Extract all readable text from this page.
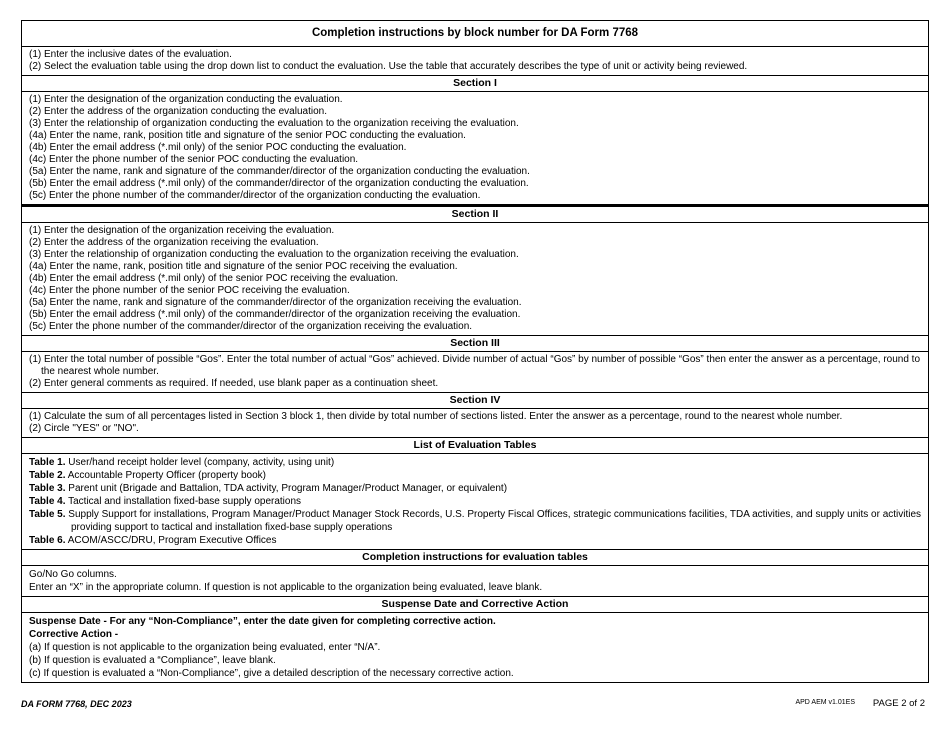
Completion instructions by block number for DA Form 7768
(1) Enter the inclusive dates of the evaluation.
(2) Select the evaluation table using the drop down list to conduct the evaluation. Use the table that accurately describes the type of unit or activity being reviewed.
Section I
(1) Enter the designation of the organization conducting the evaluation.
(2) Enter the address of the organization conducting the evaluation.
(3) Enter the relationship of organization conducting the evaluation to the organization receiving the evaluation.
(4a) Enter the name, rank, position title and signature of the senior POC conducting the evaluation.
(4b) Enter the email address (*.mil only) of the senior POC conducting the evaluation.
(4c) Enter the phone number of the senior POC conducting the evaluation.
(5a) Enter the name, rank and signature of the commander/director of the organization conducting the evaluation.
(5b) Enter the email address (*.mil only) of the commander/director of the organization conducting the evaluation.
(5c) Enter the phone number of the commander/director of the organization conducting the evaluation.
Section II
(1) Enter the designation of the organization receiving the evaluation.
(2) Enter the address of the organization receiving the evaluation.
(3) Enter the relationship of organization conducting the evaluation to the organization receiving the evaluation.
(4a) Enter the name, rank, position title and signature of the senior POC receiving the evaluation.
(4b) Enter the email address (*.mil only) of the senior POC receiving the evaluation.
(4c) Enter the phone number of the senior POC receiving the evaluation.
(5a) Enter the name, rank and signature of the commander/director of the organization receiving the evaluation.
(5b) Enter the email address (*.mil only) of the commander/director of the organization receiving the evaluation.
(5c) Enter the phone number of the commander/director of the organization receiving the evaluation.
Section III
(1) Enter the total number of possible “Gos”. Enter the total number of actual “Gos” achieved. Divide number of actual “Gos” by number of possible “Gos” then enter the answer as a percentage, round to the nearest whole number.
(2) Enter general comments as required. If needed, use blank paper as a continuation sheet.
Section IV
(1) Calculate the sum of all percentages listed in Section 3 block 1, then divide by total number of sections listed. Enter the answer as a percentage, round to the nearest whole number.
(2) Circle "YES" or "NO".
List of Evaluation Tables
Table 1. User/hand receipt holder level (company, activity, using unit)
Table 2. Accountable Property Officer (property book)
Table 3. Parent unit (Brigade and Battalion, TDA activity, Program Manager/Product Manager, or equivalent)
Table 4. Tactical and installation fixed-base supply operations
Table 5. Supply Support for installations, Program Manager/Product Manager Stock Records, U.S. Property Fiscal Offices, strategic communications facilities, TDA activities, and supply units or activities providing support to tactical and installation fixed-base supply operations
Table 6. ACOM/ASCC/DRU, Program Executive Offices
Completion instructions for evaluation tables
Go/No Go columns.
Enter an “X” in the appropriate column. If question is not applicable to the organization being evaluated, leave blank.
Suspense Date and Corrective Action
Suspense Date - For any “Non-Compliance”, enter the date given for completing corrective action.
Corrective Action -
(a) If question is not applicable to the organization being evaluated, enter “N/A”.
(b) If question is evaluated a “Compliance”, leave blank.
(c) If question is evaluated a “Non-Compliance”, give a detailed description of the necessary corrective action.
DA FORM 7768, DEC 2023	APD AEM v1.01ES PAGE 2 of 2
